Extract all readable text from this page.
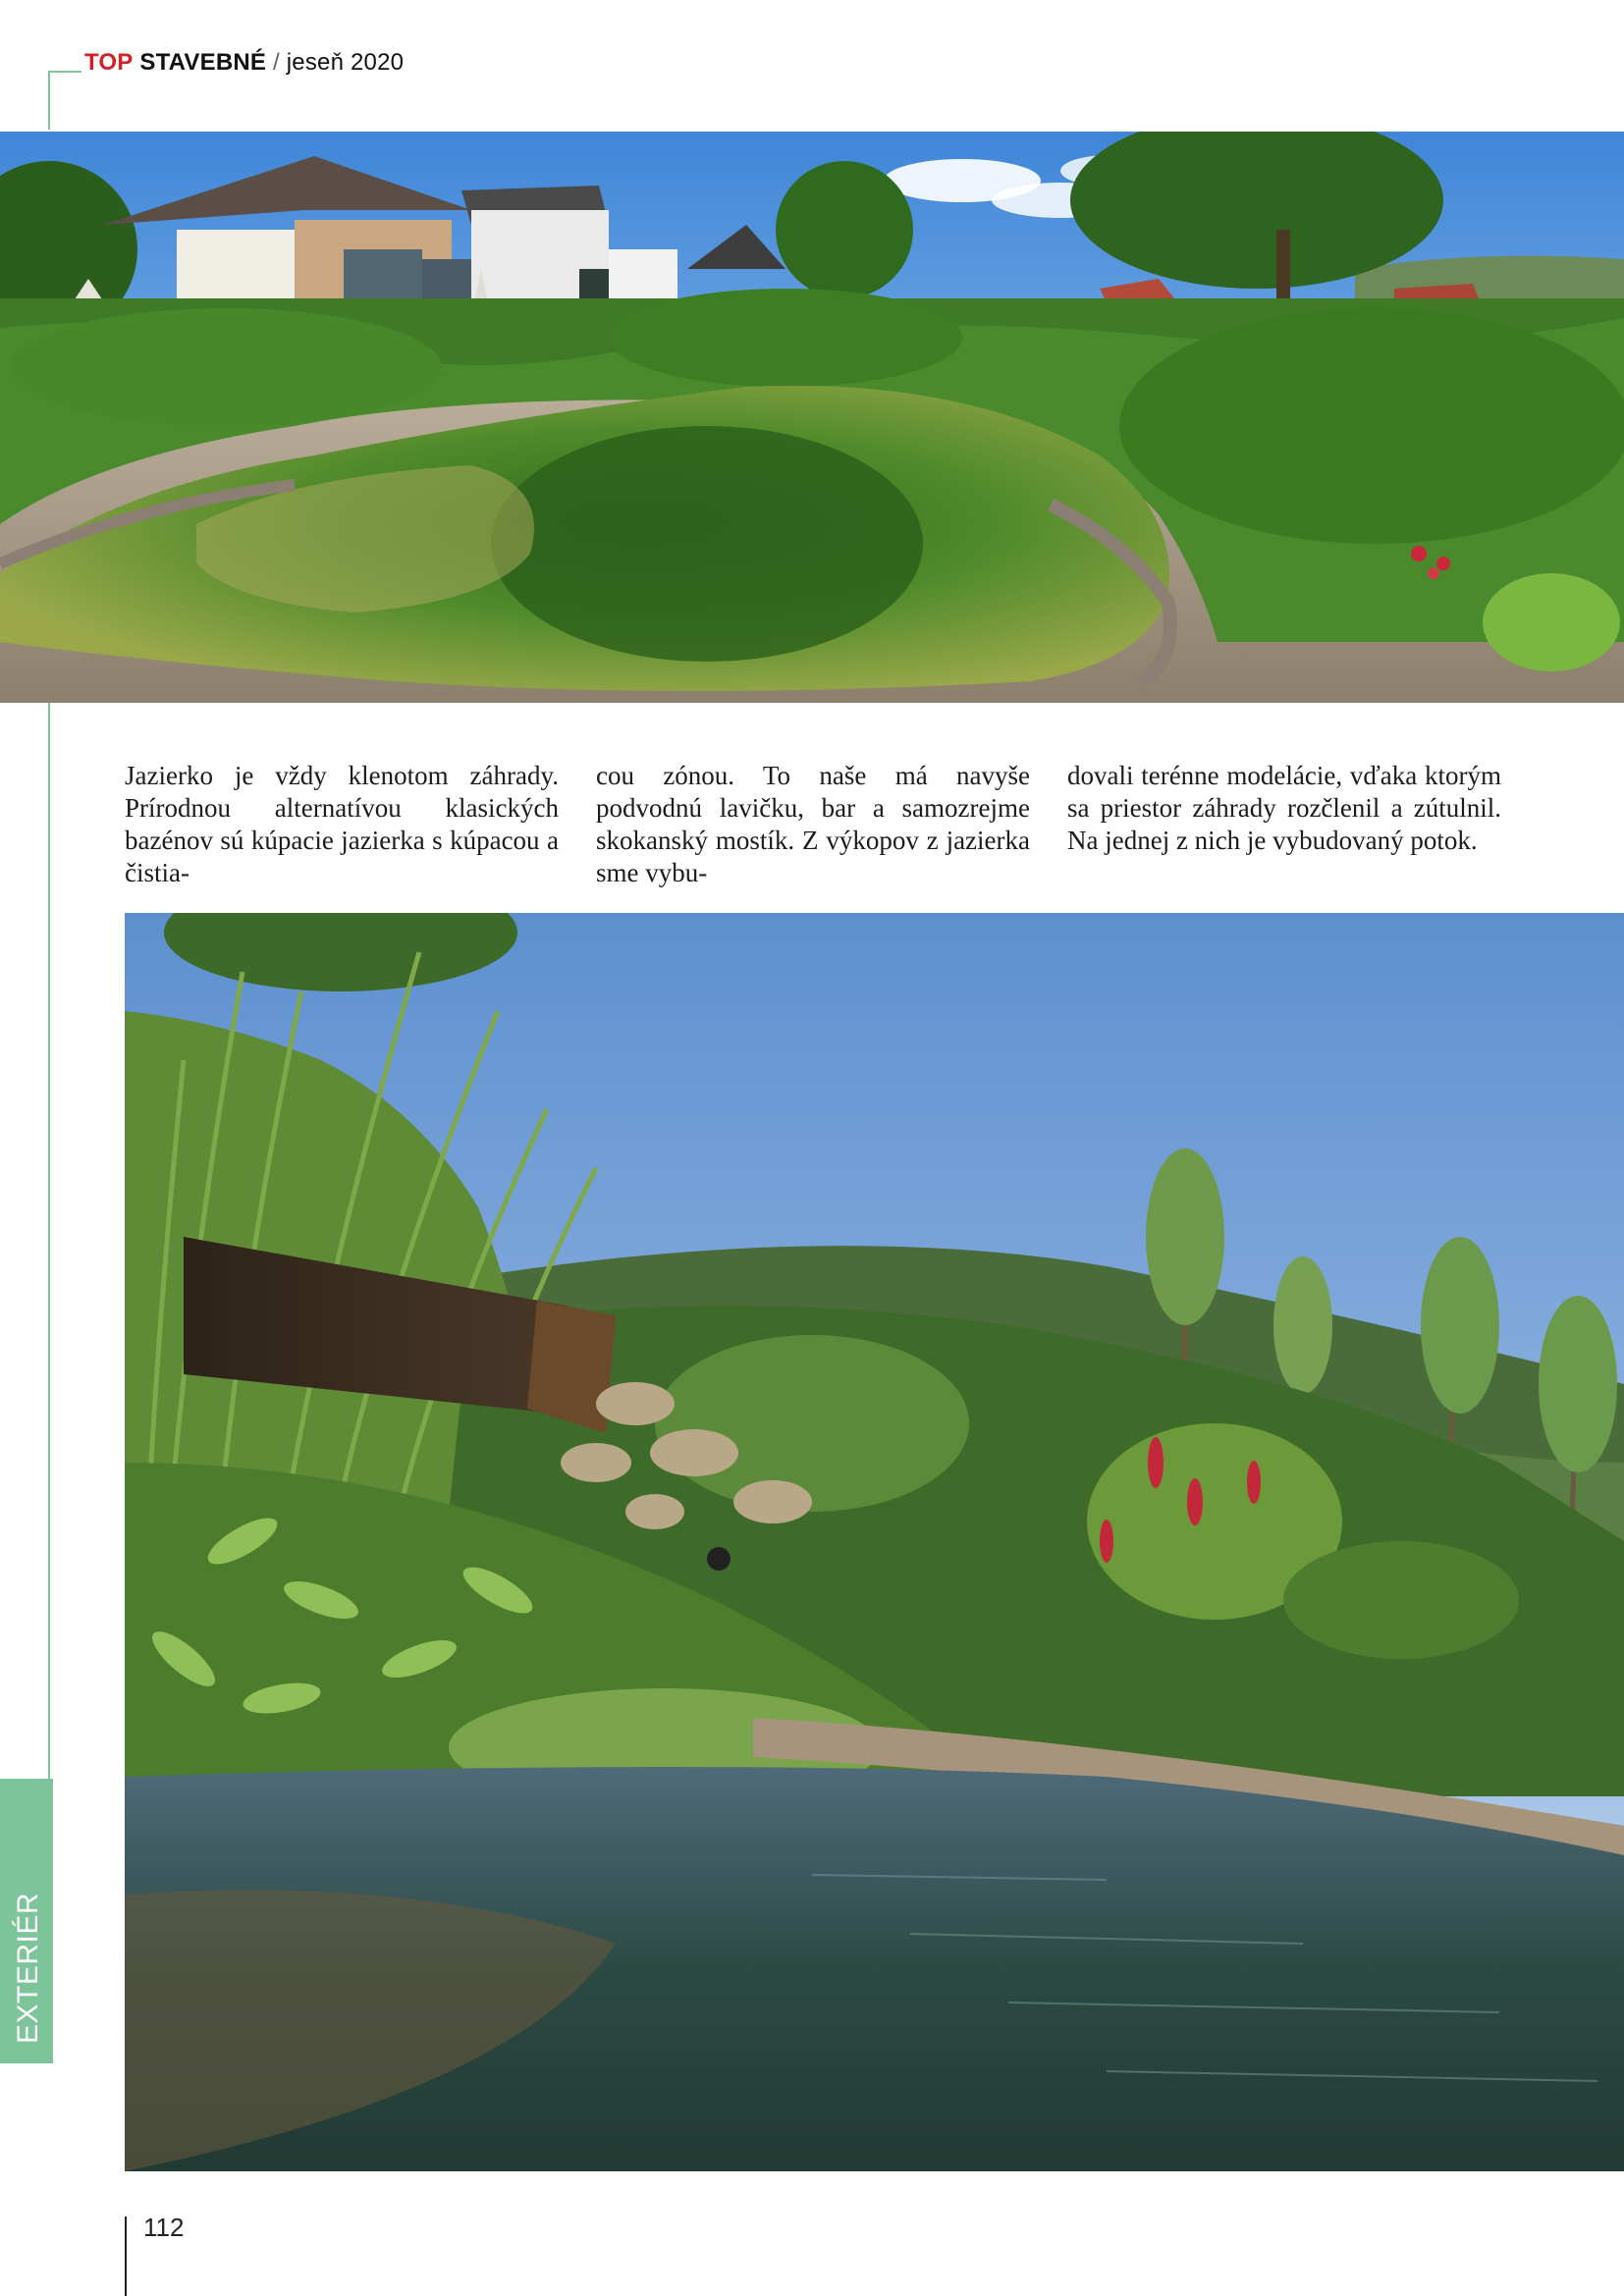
TOP STAVEBNÉ / jeseň 2020
Jazierko je vždy klenotom záhrady. Prírodnou alternatívou klasických bazénov sú kúpacie jazierka s kúpacou a čistia-
cou zónou. To naše má navyše podvodnú lavičku, bar a samozrejme skokanský mostík. Z výkopov z jazierka sme vybu-
dovali terénne modelácie, vďaka ktorým sa priestor záhrady rozčlenil a zútulnil. Na jednej z nich je vybudovaný potok.
EXTERIÉR
112
